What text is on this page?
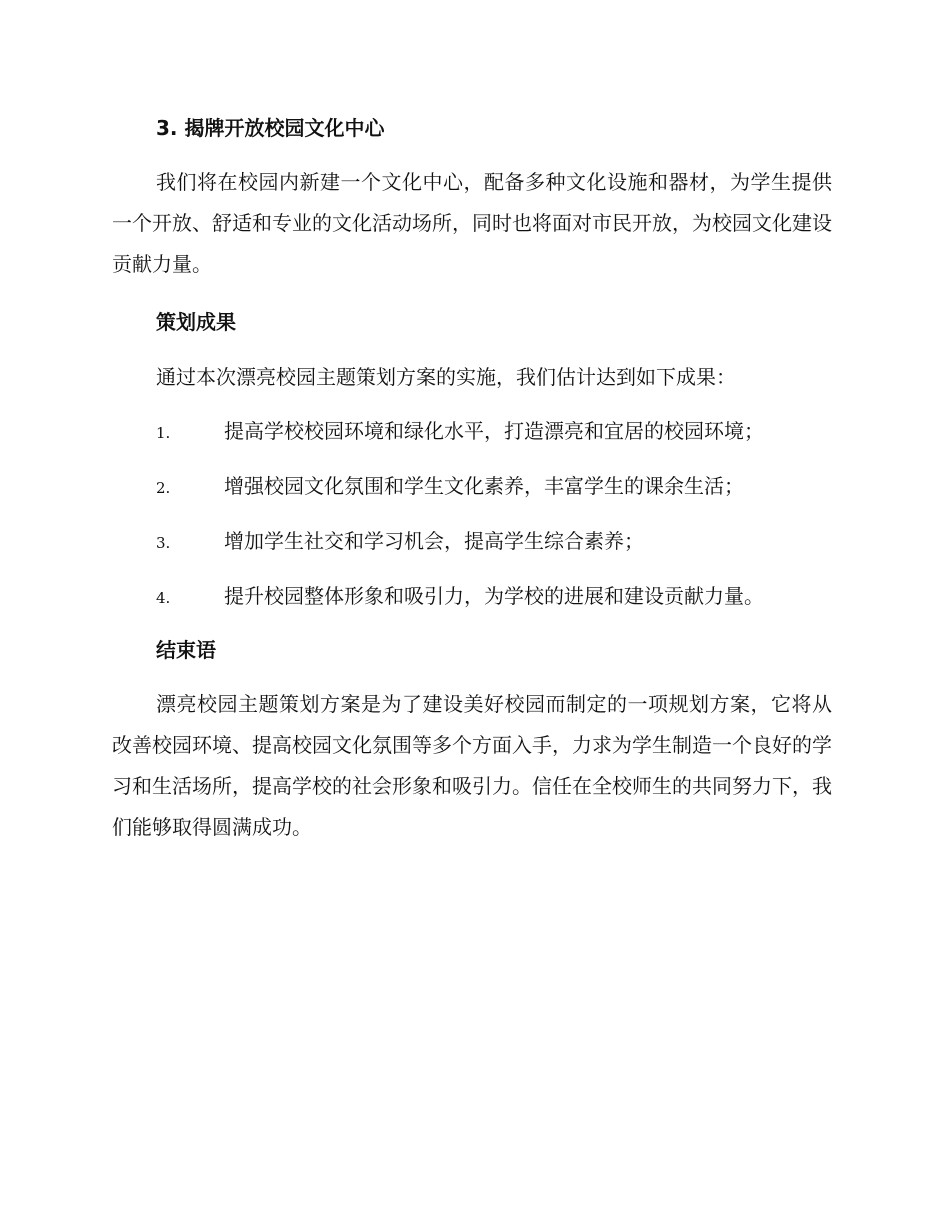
3. 揭牌开放校园文化中心

我们将在校园内新建一个文化中心，配备多种文化设施和器材，为学生提供一个开放、舒适和专业的文化活动场所，同时也将面对市民开放，为校园文化建设贡献力量。

策划成果

通过本次漂亮校园主题策划方案的实施，我们估计达到如下成果：

1.	提高学校校园环境和绿化水平，打造漂亮和宜居的校园环境；
2.	增强校园文化氛围和学生文化素养，丰富学生的课余生活；
3.	增加学生社交和学习机会，提高学生综合素养；
4.	提升校园整体形象和吸引力，为学校的进展和建设贡献力量。
结束语

漂亮校园主题策划方案是为了建设美好校园而制定的一项规划方案，它将从改善校园环境、提高校园文化氛围等多个方面入手，力求为学生制造一个良好的学习和生活场所，提高学校的社会形象和吸引力。信任在全校师生的共同努力下，我们能够取得圆满成功。
